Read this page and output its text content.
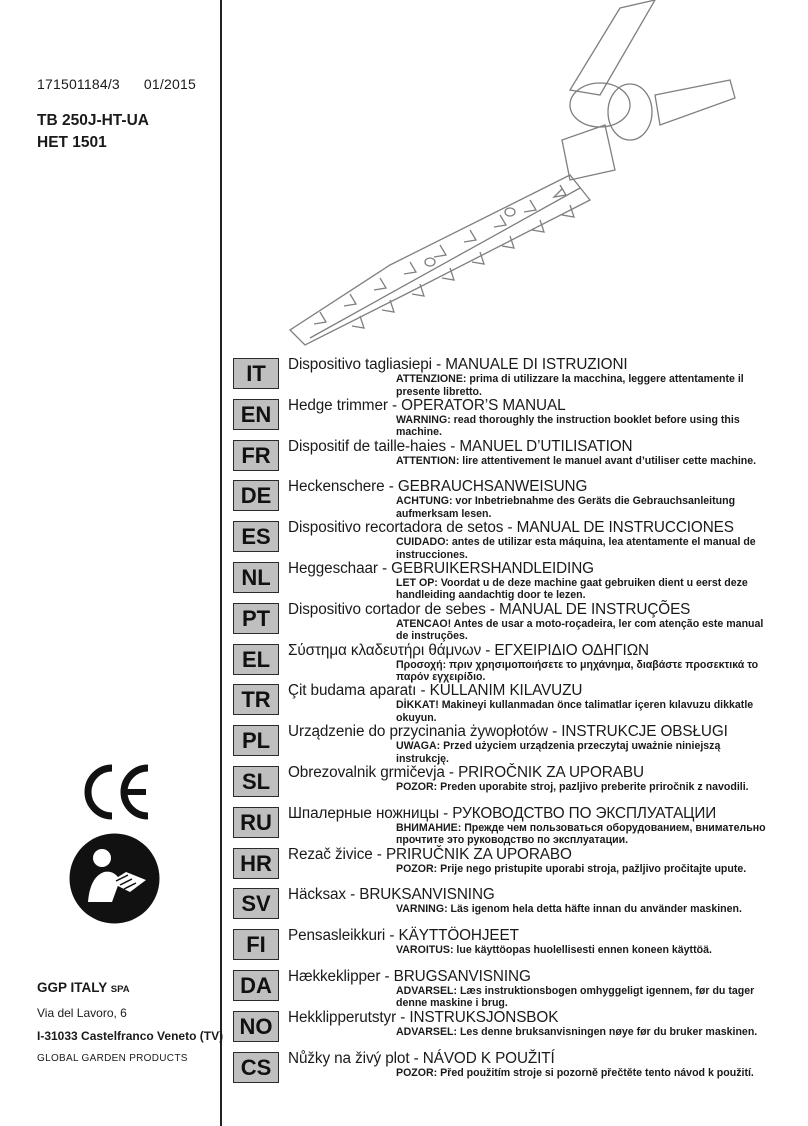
171501184/3 01/2015
TB 250J-HT-UA
HET 1501
GGP ITALY SPA
Via del Lavoro, 6
I-31033 Castelfranco Veneto (TV)
GLOBAL GARDEN PRODUCTS
IT	Dispositivo tagliasiepi - MANUALE DI ISTRUZIONI
ATTENZIONE: prima di utilizzare la macchina, leggere attentamente il presente libretto.
EN	Hedge trimmer - OPERATOR’S MANUAL
WARNING: read thoroughly the instruction booklet before using this machine.
FR	Dispositif de taille-haies - MANUEL D’UTILISATION
ATTENTION: lire attentivement le manuel avant d’utiliser cette machine.
DE	Heckenschere - GEBRAUCHSANWEISUNG
ACHTUNG: vor Inbetriebnahme des Geräts die Gebrauchsanleitung aufmerksam lesen.
ES	Dispositivo recortadora de setos - MANUAL DE INSTRUCCIONES
CUIDADO: antes de utilizar esta máquina, lea atentamente el manual de instrucciones.
NL	Heggeschaar - GEBRUIKERSHANDLEIDING
LET OP: Voordat u de deze machine gaat gebruiken dient u eerst deze handleiding aandachtig door te lezen.
PT	Dispositivo cortador de sebes - MANUAL DE INSTRUÇÕES
ATENCAO! Antes de usar a moto-roçadeira, ler com atenção este manual de instruções.
EL	Σύστημα κλαδευτήρι θάμνων - ΕΓΧΕΙΡΙΔΙΟ ΟΔΗΓΙΩΝ
Προσοχή: πριν χρησιμοποιήσετε το μηχάνημα, διαβάστε προσεκτικά το παρόν εγχειρίδιο.
TR	Çit budama aparatı - KULLANIM KILAVUZU
DİKKAT! Makineyi kullanmadan önce talimatlar içeren kılavuzu dikkatle okuyun.
PL	Urządzenie do przycinania żywopłotów - INSTRUKCJE OBSŁUGI
UWAGA: Przed użyciem urządzenia przeczytaj uważnie niniejszą instrukcję.
SL	Obrezovalnik grmičevja - PRIROČNIK ZA UPORABU
POZOR: Preden uporabite stroj, pazljivo preberite priročnik z navodili.
RU	Шпалерные ножницы - РУКОВОДСТВО ПО ЭКСПЛУАТАЦИИ
ВНИМАНИЕ: Прежде чем пользоваться оборудованием, внимательно прочтите это руководство по эксплуатации.
HR	Rezač živice - PRIRUČNIK ZA UPORABO
POZOR: Prije nego pristupite uporabi stroja, pažljivo pročitajte upute.
SV	Häcksax - BRUKSANVISNING
VARNING: Läs igenom hela detta häfte innan du använder maskinen.
FI	Pensasleikkuri - KÄYTTÖOHJEET
VAROITUS: lue käyttöopas huolellisesti ennen koneen käyttöä.
DA	Hækkeklipper - BRUGSANVISNING
ADVARSEL: Læs instruktionsbogen omhyggeligt igennem, før du tager denne maskine i brug.
NO	Hekklipperutstyr - INSTRUKSJONSBOK
ADVARSEL: Les denne bruksanvisningen nøye før du bruker maskinen.
CS	Nůžky na živý plot - NÁVOD K POUŽITÍ
POZOR: Před použitím stroje si pozorně přečtěte tento návod k použití.
